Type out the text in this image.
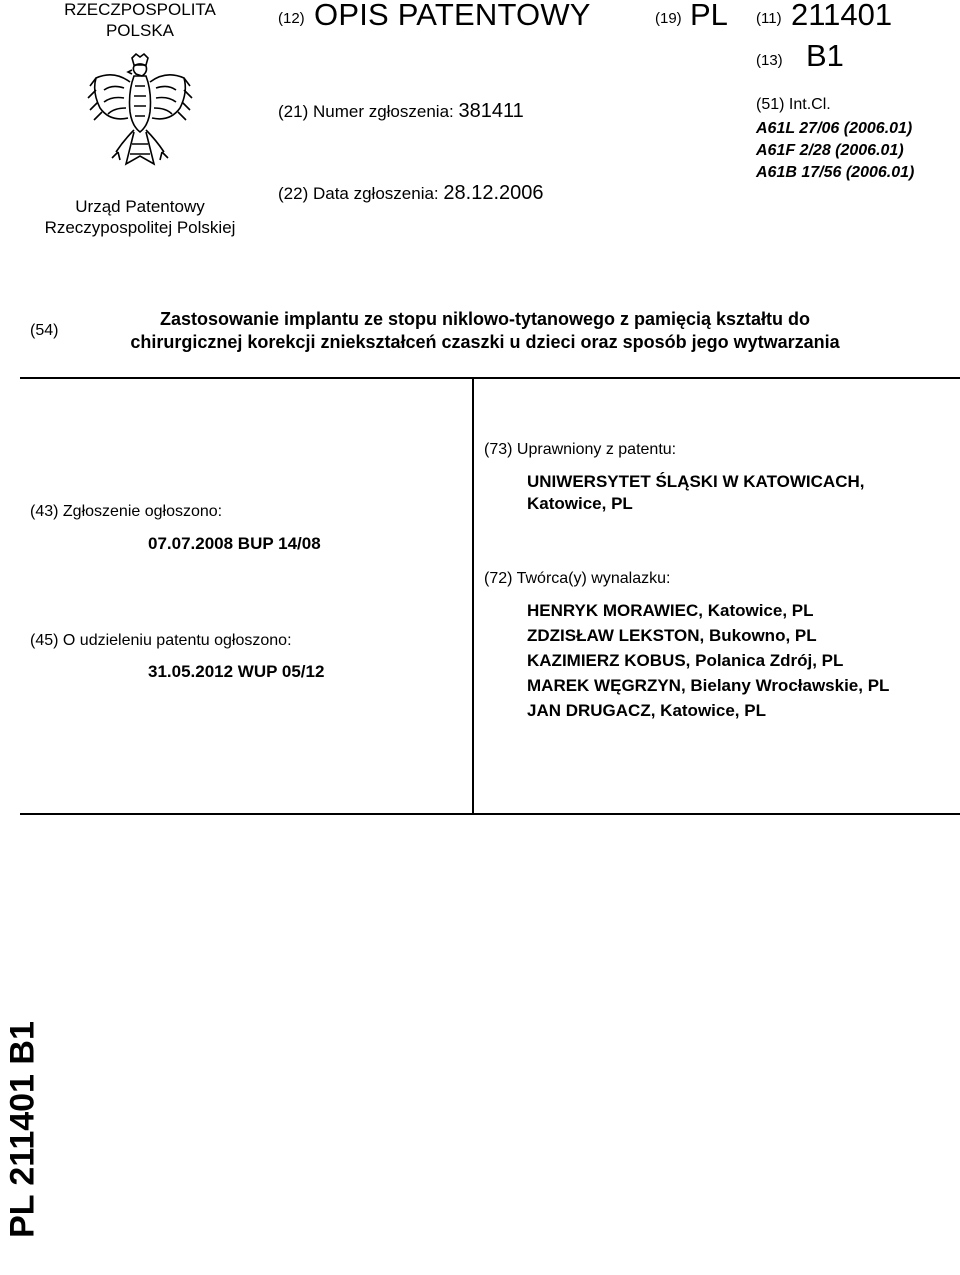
RZECZPOSPOLITA
POLSKA
Urząd Patentowy
Rzeczypospolitej Polskiej
(12) OPIS PATENTOWY	(19) PL (11) 211401
(13) B1
(21) Numer zgłoszenia: 381411
(22) Data zgłoszenia: 28.12.2006
(51) Int.Cl.
A61L 27/06 (2006.01)
A61F 2/28 (2006.01)
A61B 17/56 (2006.01)
(54)
Zastosowanie implantu ze stopu niklowo-tytanowego z pamięcią kształtu do
chirurgicznej korekcji zniekształceń czaszki u dzieci oraz sposób jego wytwarzania
(43) Zgłoszenie ogłoszono:
07.07.2008 BUP 14/08
(45) O udzieleniu patentu ogłoszono:
31.05.2012 WUP 05/12
(73) Uprawniony z patentu:
UNIWERSYTET ŚLĄSKI W KATOWICACH,
Katowice, PL
(72) Twórca(y) wynalazku:
HENRYK MORAWIEC, Katowice, PL
ZDZISŁAW LEKSTON, Bukowno, PL
KAZIMIERZ KOBUS, Polanica Zdrój, PL
MAREK WĘGRZYN, Bielany Wrocławskie, PL
JAN DRUGACZ, Katowice, PL
PL 211401 B1
